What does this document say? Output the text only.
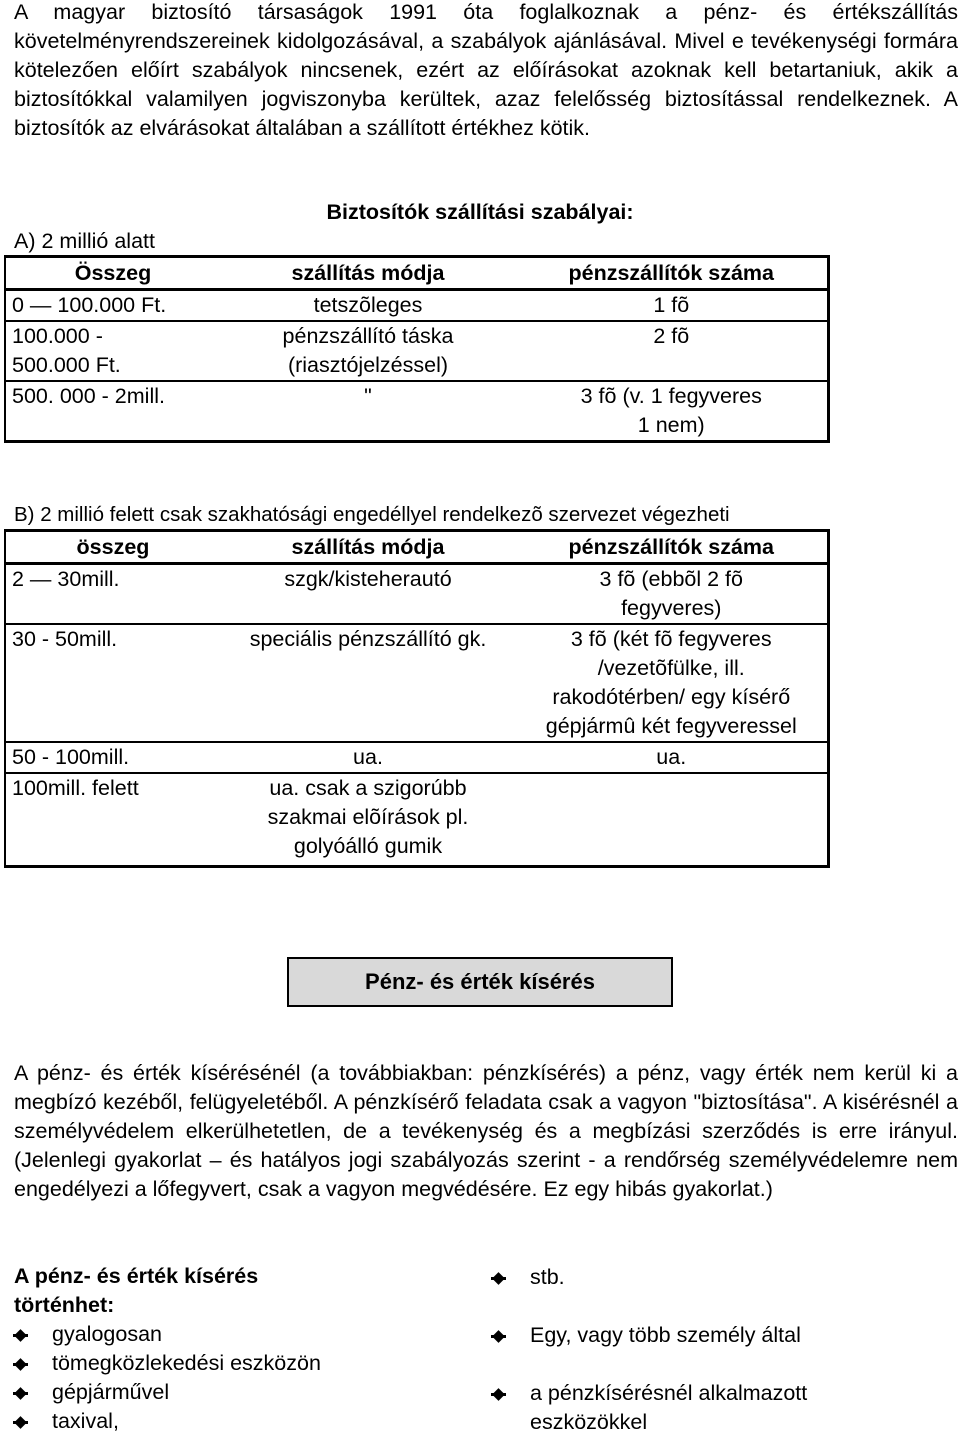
A magyar biztosító társaságok 1991 óta foglalkoznak a pénz- és értékszállítás követelményrendszereinek kidolgozásával, a szabályok ajánlásával. Mivel e tevékenységi formára kötelezően előírt szabályok nincsenek, ezért az előírásokat azoknak kell betartaniuk, akik a biztosítókkal valamilyen jogviszonyba kerültek, azaz felelősség biztosítással rendelkeznek. A biztosítók az elvárásokat általában a szállított értékhez kötik.
Biztosítók szállítási szabályai:
A) 2 millió alatt
Összeg	szállítás módja	pénzszállítók száma
0 — 100.000 Ft.	tetszõleges	1 fõ
100.000 - 500.000 Ft.	pénzszállító táska (riasztójelzéssel)	2 fõ
500. 000 - 2mill.	"	3 fõ (v. 1 fegyveres 1 nem)
B) 2 millió felett csak szakhatósági engedéllyel rendelkezõ szervezet végezheti
összeg	szállítás módja	pénzszállítók száma
2 — 30mill.	szgk/kisteherautó	3 fõ (ebbõl 2 fõ fegyveres)
30 - 50mill.	speciális pénzszállító gk.	3 fõ (két fõ fegyveres /vezetõfülke, ill. rakodótérben/ egy kísérő gépjármû két fegyveressel
50 - 100mill.	ua.	ua.
100mill. felett	ua. csak a szigorúbb szakmai elõírások pl. golyóálló gumik	
Pénz- és érték kísérés
A pénz- és érték kísérésénél (a továbbiakban: pénzkísérés) a pénz, vagy érték nem kerül ki a megbízó kezéből, felügyeletéből. A pénzkísérő feladata csak a vagyon "biztosítása". A kisérésnél a személyvédelem elkerülhetetlen, de a tevékenység és a megbízási szerződés is erre irányul. (Jelenlegi gyakorlat – és hatályos jogi szabályozás szerint - a rendőrség személyvédelemre nem engedélyezi a lőfegyvert, csak a vagyon megvédésére. Ez egy hibás gyakorlat.)
A pénz- és érték kísérés történhet:
gyalogosan
tömegközlekedési eszközön
gépjárművel
taxival,
stb.
Egy, vagy több személy által
a pénzkísérésnél alkalmazott eszközökkel
